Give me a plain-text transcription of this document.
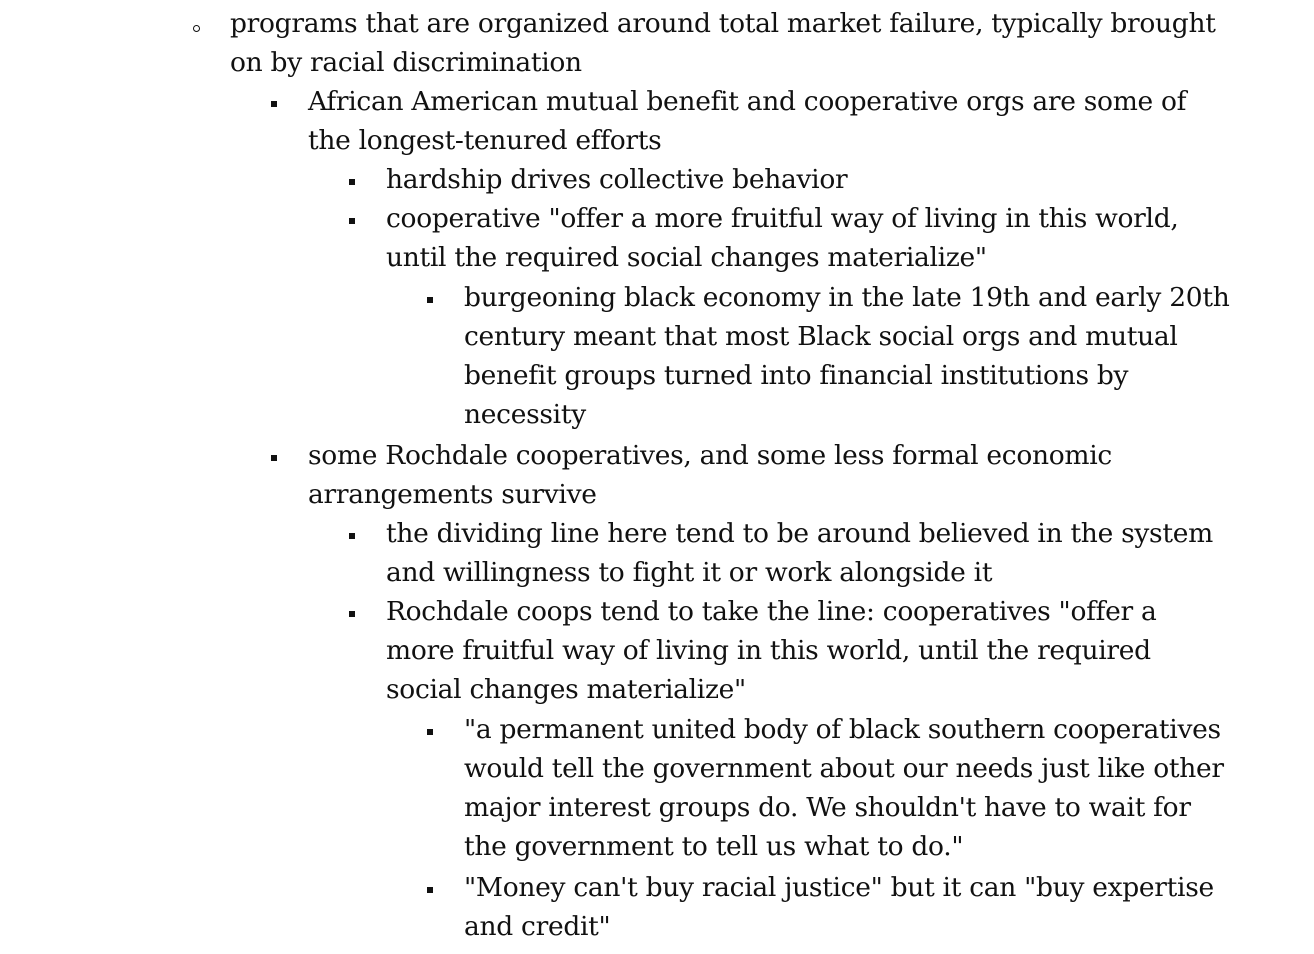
programs that are organized around total market failure, typically brought
on by racial discrimination
African American mutual benefit and cooperative orgs are some of
the longest-tenured efforts
hardship drives collective behavior
cooperative "offer a more fruitful way of living in this world,
until the required social changes materialize"
burgeoning black economy in the late 19th and early 20th
century meant that most Black social orgs and mutual
benefit groups turned into financial institutions by
necessity
some Rochdale cooperatives, and some less formal economic
arrangements survive
the dividing line here tend to be around believed in the system
and willingness to fight it or work alongside it
Rochdale coops tend to take the line: cooperatives "offer a
more fruitful way of living in this world, until the required
social changes materialize"
"a permanent united body of black southern cooperatives
would tell the government about our needs just like other
major interest groups do. We shouldn't have to wait for
the government to tell us what to do."
"Money can't buy racial justice" but it can "buy expertise
and credit"
